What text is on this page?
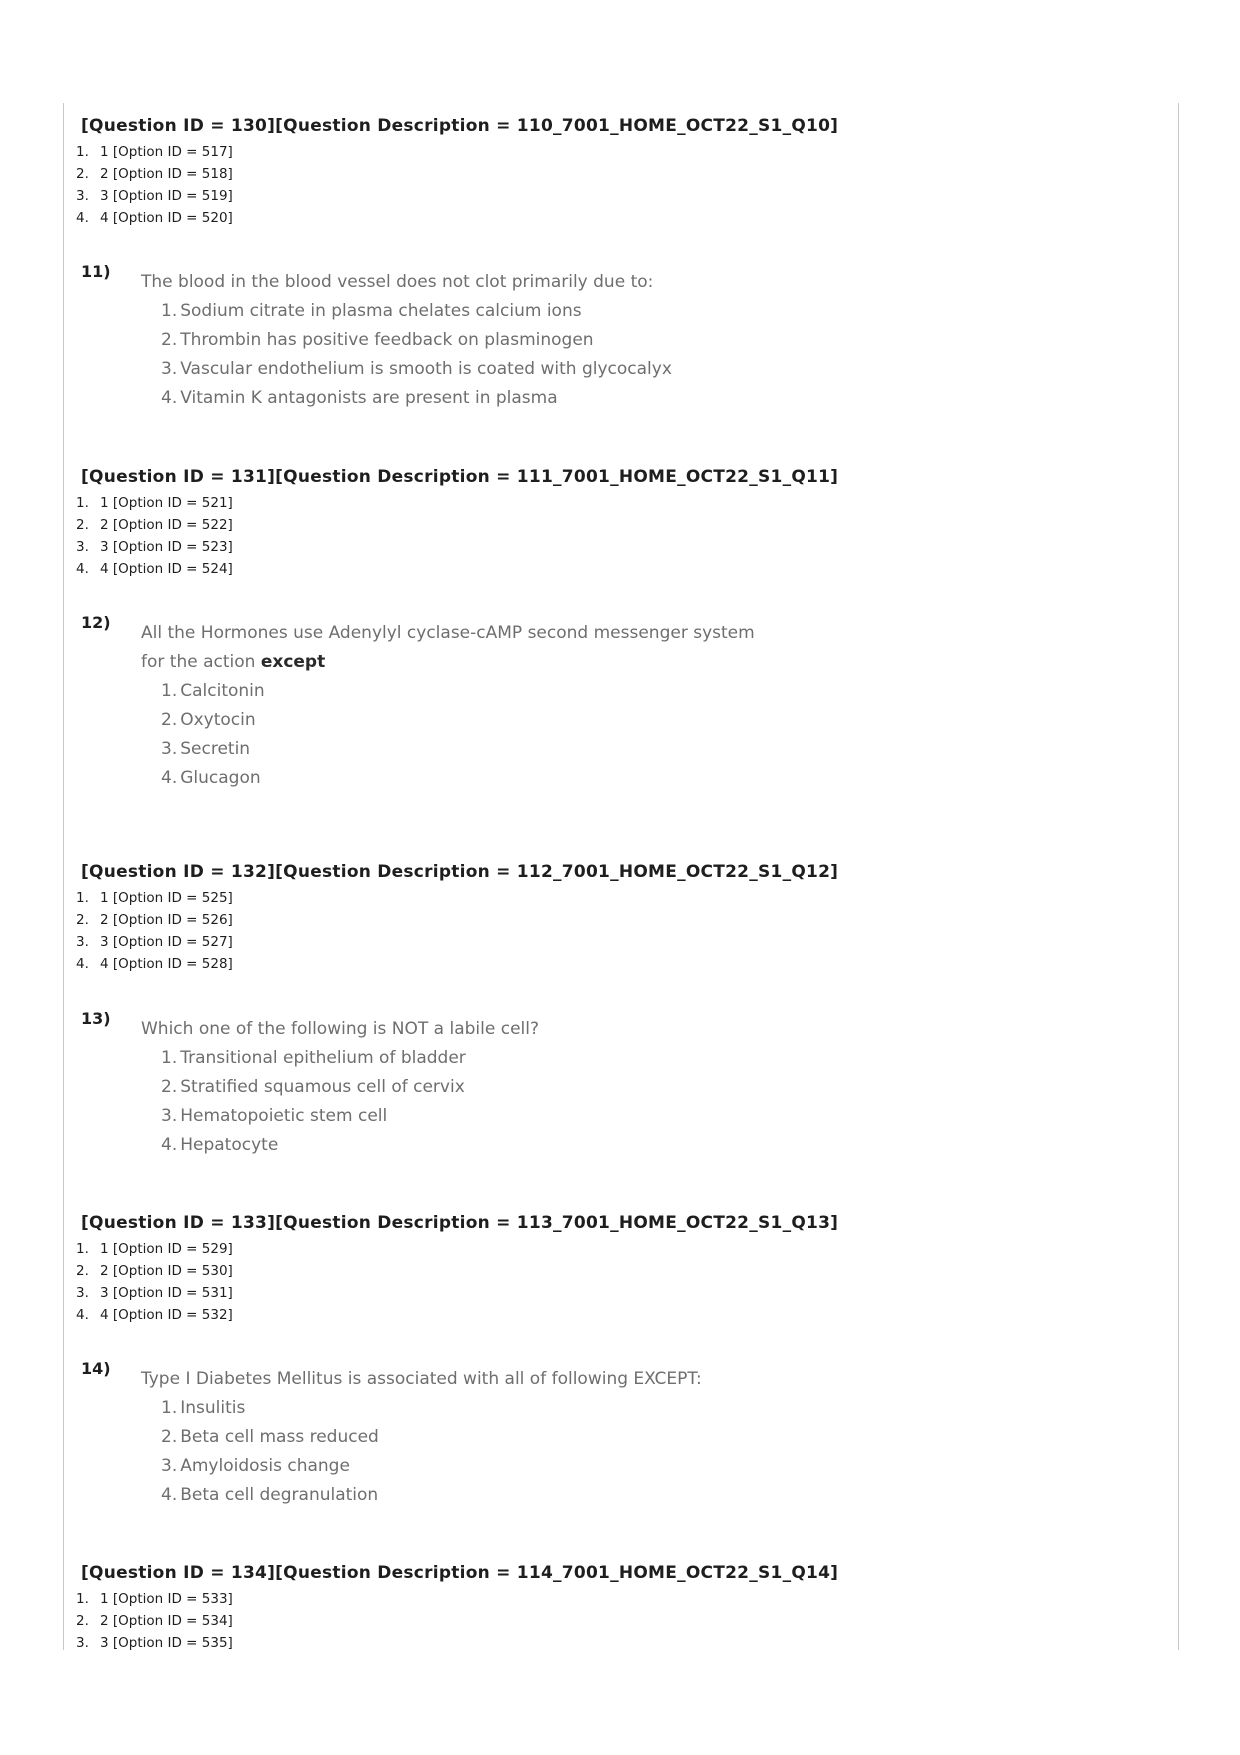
[Question ID = 130][Question Description = 110_7001_HOME_OCT22_S1_Q10]
1. 1 [Option ID = 517]
2. 2 [Option ID = 518]
3. 3 [Option ID = 519]
4. 4 [Option ID = 520]
11)
The blood in the blood vessel does not clot primarily due to:
1. Sodium citrate in plasma chelates calcium ions
2. Thrombin has positive feedback on plasminogen
3. Vascular endothelium is smooth is coated with glycocalyx
4. Vitamin K antagonists are present in plasma
[Question ID = 131][Question Description = 111_7001_HOME_OCT22_S1_Q11]
1. 1 [Option ID = 521]
2. 2 [Option ID = 522]
3. 3 [Option ID = 523]
4. 4 [Option ID = 524]
12)
All the Hormones use Adenylyl cyclase-cAMP second messenger system
for the action except
1. Calcitonin
2. Oxytocin
3. Secretin
4. Glucagon
[Question ID = 132][Question Description = 112_7001_HOME_OCT22_S1_Q12]
1. 1 [Option ID = 525]
2. 2 [Option ID = 526]
3. 3 [Option ID = 527]
4. 4 [Option ID = 528]
13)
Which one of the following is NOT a labile cell?
1. Transitional epithelium of bladder
2. Stratified squamous cell of cervix
3. Hematopoietic stem cell
4. Hepatocyte
[Question ID = 133][Question Description = 113_7001_HOME_OCT22_S1_Q13]
1. 1 [Option ID = 529]
2. 2 [Option ID = 530]
3. 3 [Option ID = 531]
4. 4 [Option ID = 532]
14)
Type I Diabetes Mellitus is associated with all of following EXCEPT:
1. Insulitis
2. Beta cell mass reduced
3. Amyloidosis change
4. Beta cell degranulation
[Question ID = 134][Question Description = 114_7001_HOME_OCT22_S1_Q14]
1. 1 [Option ID = 533]
2. 2 [Option ID = 534]
3. 3 [Option ID = 535]
